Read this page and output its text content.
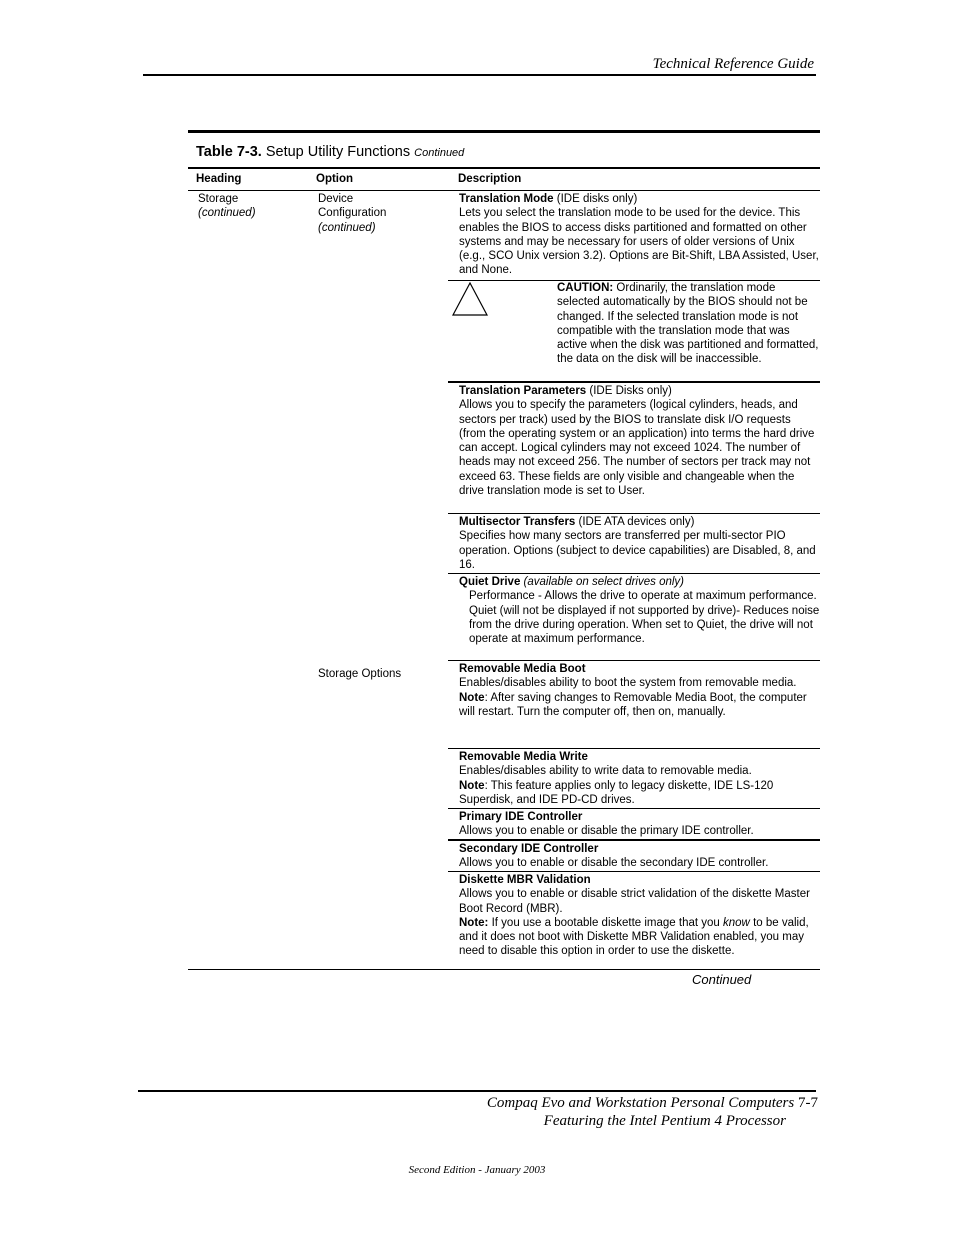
Technical Reference Guide
Table 7-3. Setup Utility Functions Continued
Heading	Option	Description
Storage
(continued)
Device
Configuration
(continued)
Storage Options
Translation Mode (IDE disks only)
Lets you select the translation mode to be used for the device. This enables the BIOS to access disks partitioned and formatted on other systems and may be necessary for users of older versions of Unix (e.g., SCO Unix version 3.2). Options are Bit-Shift, LBA Assisted, User, and None.
CAUTION: Ordinarily, the translation mode selected automatically by the BIOS should not be changed. If the selected translation mode is not compatible with the translation mode that was active when the disk was partitioned and formatted, the data on the disk will be inaccessible.
Translation Parameters (IDE Disks only)
Allows you to specify the parameters (logical cylinders, heads, and sectors per track) used by the BIOS to translate disk I/O requests (from the operating system or an application) into terms the hard drive can accept. Logical cylinders may not exceed 1024. The number of heads may not exceed 256. The number of sectors per track may not exceed 63. These fields are only visible and changeable when the drive translation mode is set to User.
Multisector Transfers (IDE ATA devices only)
Specifies how many sectors are transferred per multi-sector PIO operation. Options (subject to device capabilities) are Disabled, 8, and 16.
Quiet Drive (available on select drives only)
Performance - Allows the drive to operate at maximum performance.
Quiet (will not be displayed if not supported by drive)- Reduces noise from the drive during operation. When set to Quiet, the drive will not operate at maximum performance.
Removable Media Boot
Enables/disables ability to boot the system from removable media.
Note: After saving changes to Removable Media Boot, the computer will restart. Turn the computer off, then on, manually.
Removable Media Write
Enables/disables ability to write data to removable media.
Note: This feature applies only to legacy diskette, IDE LS-120 Superdisk, and IDE PD-CD drives.
Primary IDE Controller
Allows you to enable or disable the primary IDE controller.
Secondary IDE Controller
Allows you to enable or disable the secondary IDE controller.
Diskette MBR Validation
Allows you to enable or disable strict validation of the diskette Master Boot Record (MBR).
Note: If you use a bootable diskette image that you know to be valid, and it does not boot with Diskette MBR Validation enabled, you may need to disable this option in order to use the diskette.
Continued
Compaq Evo and Workstation Personal Computers 7-7
Featuring the Intel Pentium 4 Processor
Second Edition - January 2003
